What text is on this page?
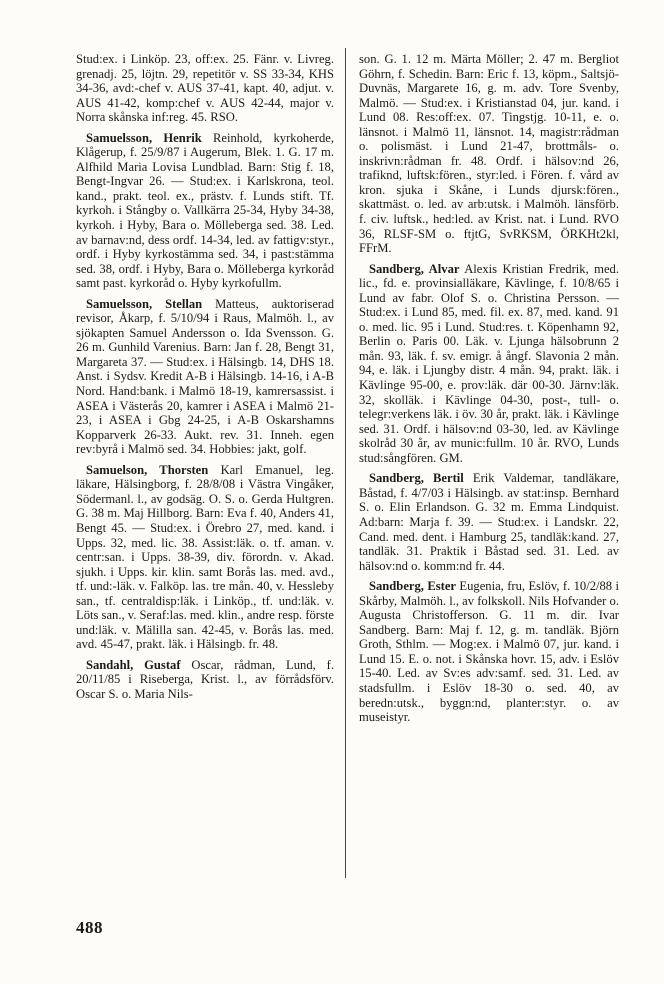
Stud:ex. i Linköp. 23, off:ex. 25. Fänr. v. Livreg. grenadj. 25, löjtn. 29, repetitör v. SS 33-34, KHS 34-36, avd:-chef v. AUS 37-41, kapt. 40, adjut. v. AUS 41-42, komp:chef v. AUS 42-44, major v. Norra skånska inf:reg. 45. RSO.

Samuelsson, Henrik Reinhold, kyrkoherde, Klågerup, f. 25/9/87 i Augerum, Blek. 1. G. 17 m. Alfhild Maria Lovisa Lundblad. Barn: Stig f. 18, Bengt-Ingvar 26. — Stud:ex. i Karlskrona, teol. kand., prakt. teol. ex., prästv. f. Lunds stift. Tf. kyrkoh. i Stångby o. Vallkärra 25-34, Hyby 34-38, kyrkoh. i Hyby, Bara o. Mölleberga sed. 38. Led. av barnav:nd, dess ordf. 14-34, led. av fattigv:styr., ordf. i Hyby kyrkostämma sed. 34, i past:stämma sed. 38, ordf. i Hyby, Bara o. Mölleberga kyrkoråd samt past. kyrkoråd o. Hyby kyrkofullm.

Samuelsson, Stellan Matteus, auktoriserad revisor, Åkarp, f. 5/10/94 i Raus, Malmöh. l., av sjökapten Samuel Andersson o. Ida Svensson. G. 26 m. Gunhild Varenius. Barn: Jan f. 28, Bengt 31, Margareta 37. — Stud:ex. i Hälsingb. 14, DHS 18. Anst. i Sydsv. Kredit A-B i Hälsingb. 14-16, i A-B Nord. Hand:bank. i Malmö 18-19, kamrersassist. i ASEA i Västerås 20, kamrer i ASEA i Malmö 21-23, i ASEA i Gbg 24-25, i A-B Oskarshamns Kopparverk 26-33. Aukt. rev. 31. Inneh. egen rev:byrå i Malmö sed. 34. Hobbies: jakt, golf.

Samuelson, Thorsten Karl Emanuel, leg. läkare, Hälsingborg, f. 28/8/08 i Västra Vingåker, Södermanl. l., av godsäg. O. S. o. Gerda Hultgren. G. 38 m. Maj Hillborg. Barn: Eva f. 40, Anders 41, Bengt 45. — Stud:ex. i Örebro 27, med. kand. i Upps. 32, med. lic. 38. Assist:läk. o. tf. aman. v. centr:san. i Upps. 38-39, div. förordn. v. Akad. sjukh. i Upps. kir. klin. samt Borås las. med. avd., tf. und:-läk. v. Falköp. las. tre mån. 40, v. Hessleby san., tf. centraldisp:läk. i Linköp., tf. und:läk. v. Löts san., v. Seraf:las. med. klin., andre resp. förste und:läk. v. Mälilla san. 42-45, v. Borås las. med. avd. 45-47, prakt. läk. i Hälsingb. fr. 48.

Sandahl, Gustaf Oscar, rådman, Lund, f. 20/11/85 i Riseberga, Krist. l., av förrådsförv. Oscar S. o. Maria Nils-

son. G. 1. 12 m. Märta Möller; 2. 47 m. Bergliot Göhrn, f. Schedin. Barn: Eric f. 13, köpm., Saltsjö-Duvnäs, Margarete 16, g. m. adv. Tore Svenby, Malmö. — Stud:ex. i Kristianstad 04, jur. kand. i Lund 08. Res:off:ex. 07. Tingstjg. 10-11, e. o. länsnot. i Malmö 11, länsnot. 14, magistr:rådman o. polismäst. i Lund 21-47, brottmåls- o. inskrivn:rådman fr. 48. Ordf. i hälsov:nd 26, trafiknd, luftsk:fören., styr:led. i Fören. f. vård av kron. sjuka i Skåne, i Lunds djursk:fören., skattmäst. o. led. av arb:utsk. i Malmöh. länsförb. f. civ. luftsk., hed:led. av Krist. nat. i Lund. RVO 36, RLSF-SM o. ftjtG, SvRKSM, ÖRKHt2kl, FFrM.

Sandberg, Alvar Alexis Kristian Fredrik, med. lic., fd. e. provinsialläkare, Kävlinge, f. 10/8/65 i Lund av fabr. Olof S. o. Christina Persson. — Stud:ex. i Lund 85, med. fil. ex. 87, med. kand. 91 o. med. lic. 95 i Lund. Stud:res. t. Köpenhamn 92, Berlin o. Paris 00. Läk. v. Ljunga hälsobrunn 2 mån. 93, läk. f. sv. emigr. å ångf. Slavonia 2 mån. 94, e. läk. i Ljungby distr. 4 mån. 94, prakt. läk. i Kävlinge 95-00, e. prov:läk. där 00-30. Järnv:läk. 32, skolläk. i Kävlinge 04-30, post-, tull- o. telegr:verkens läk. i öv. 30 år, prakt. läk. i Kävlinge sed. 31. Ordf. i hälsov:nd 03-30, led. av Kävlinge skolråd 30 år, av munic:fullm. 10 år. RVO, Lunds stud:sångfören. GM.

Sandberg, Bertil Erik Valdemar, tandläkare, Båstad, f. 4/7/03 i Hälsingb. av stat:insp. Bernhard S. o. Elin Erlandson. G. 32 m. Emma Lindquist. Ad:barn: Marja f. 39. — Stud:ex. i Landskr. 22, Cand. med. dent. i Hamburg 25, tandläk:kand. 27, tandläk. 31. Praktik i Båstad sed. 31. Led. av hälsov:nd o. komm:nd fr. 44.

Sandberg, Ester Eugenia, fru, Eslöv, f. 10/2/88 i Skårby, Malmöh. l., av folkskoll. Nils Hofvander o. Augusta Christofferson. G. 11 m. dir. Ivar Sandberg. Barn: Maj f. 12, g. m. tandläk. Björn Groth, Sthlm. — Mog:ex. i Malmö 07, jur. kand. i Lund 15. E. o. not. i Skånska hovr. 15, adv. i Eslöv 15-40. Led. av Sv:es adv:samf. sed. 31. Led. av stadsfullm. i Eslöv 18-30 o. sed. 40, av beredn:utsk., byggn:nd, planter:styr. o. av museistyr.

488
